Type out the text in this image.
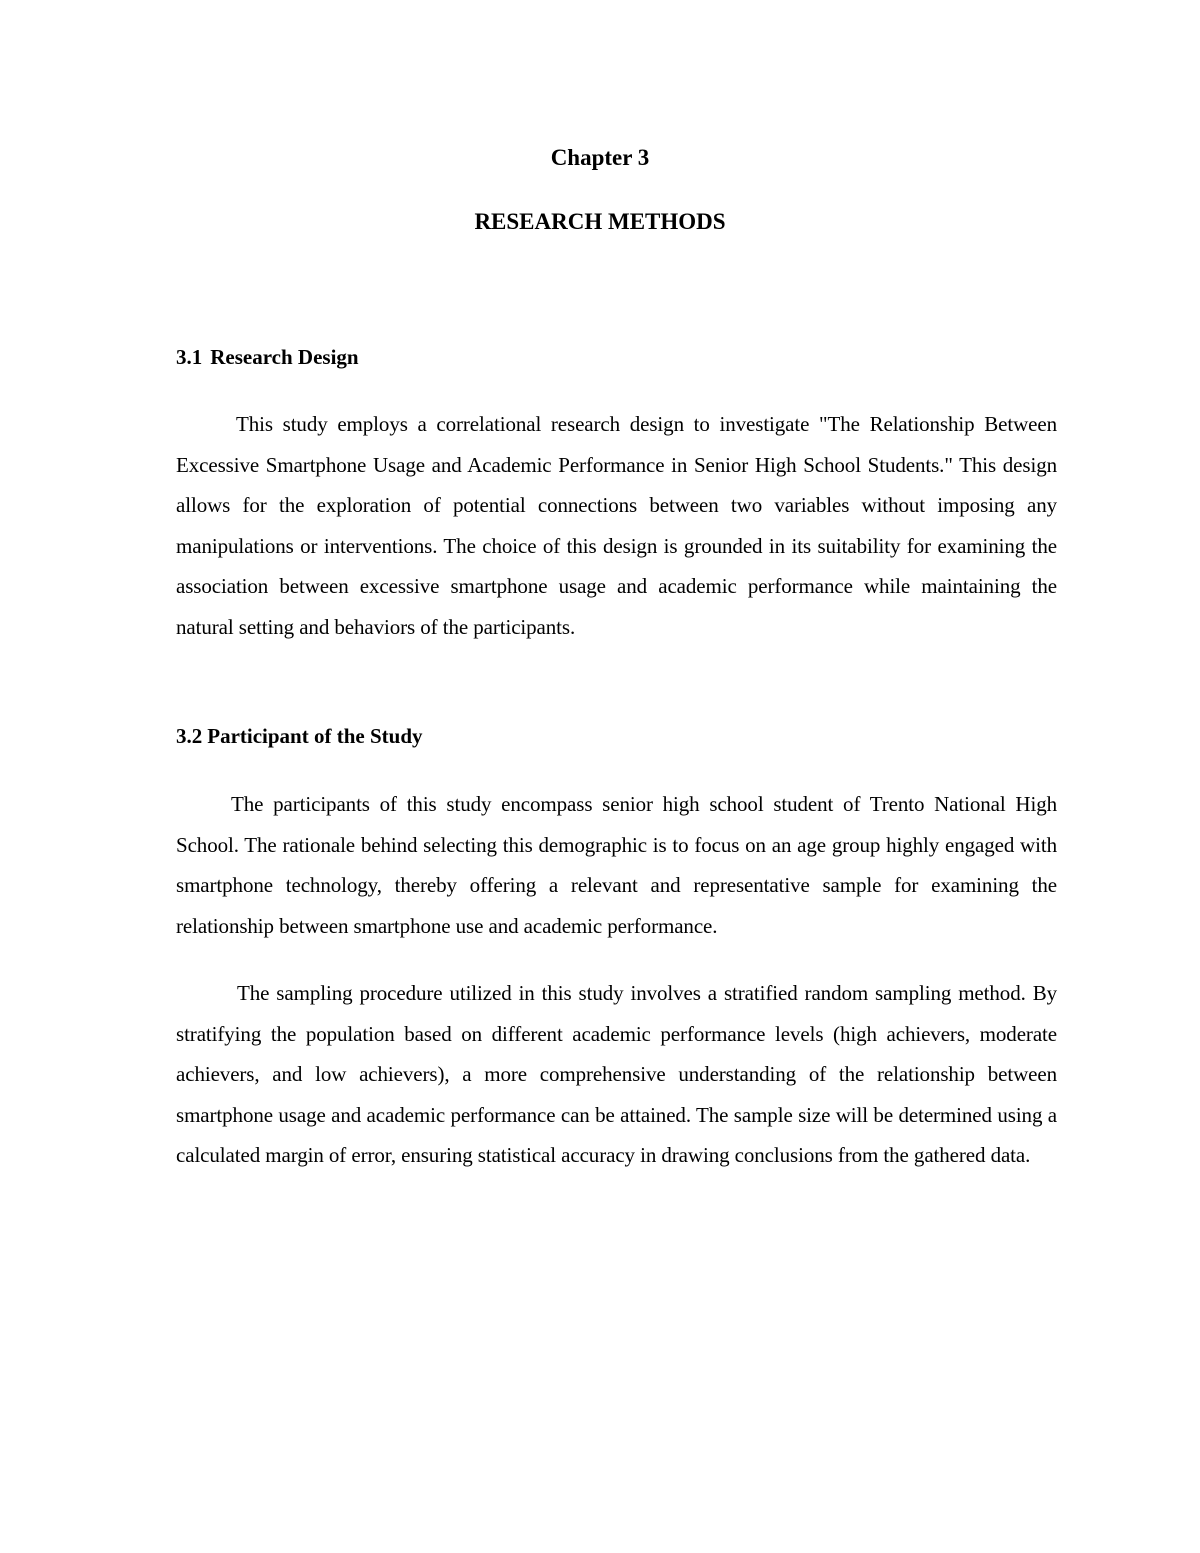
Chapter 3
RESEARCH METHODS
3.1 Research Design

This study employs a correlational research design to investigate "The Relationship Between Excessive Smartphone Usage and Academic Performance in Senior High School Students." This design allows for the exploration of potential connections between two variables without imposing any manipulations or interventions. The choice of this design is grounded in its suitability for examining the association between excessive smartphone usage and academic performance while maintaining the natural setting and behaviors of the participants.

3.2 Participant of the Study

The participants of this study encompass senior high school student of Trento National High School. The rationale behind selecting this demographic is to focus on an age group highly engaged with smartphone technology, thereby offering a relevant and representative sample for examining the relationship between smartphone use and academic performance.

The sampling procedure utilized in this study involves a stratified random sampling method. By stratifying the population based on different academic performance levels (high achievers, moderate achievers, and low achievers), a more comprehensive understanding of the relationship between smartphone usage and academic performance can be attained. The sample size will be determined using a calculated margin of error, ensuring statistical accuracy in drawing conclusions from the gathered data.
